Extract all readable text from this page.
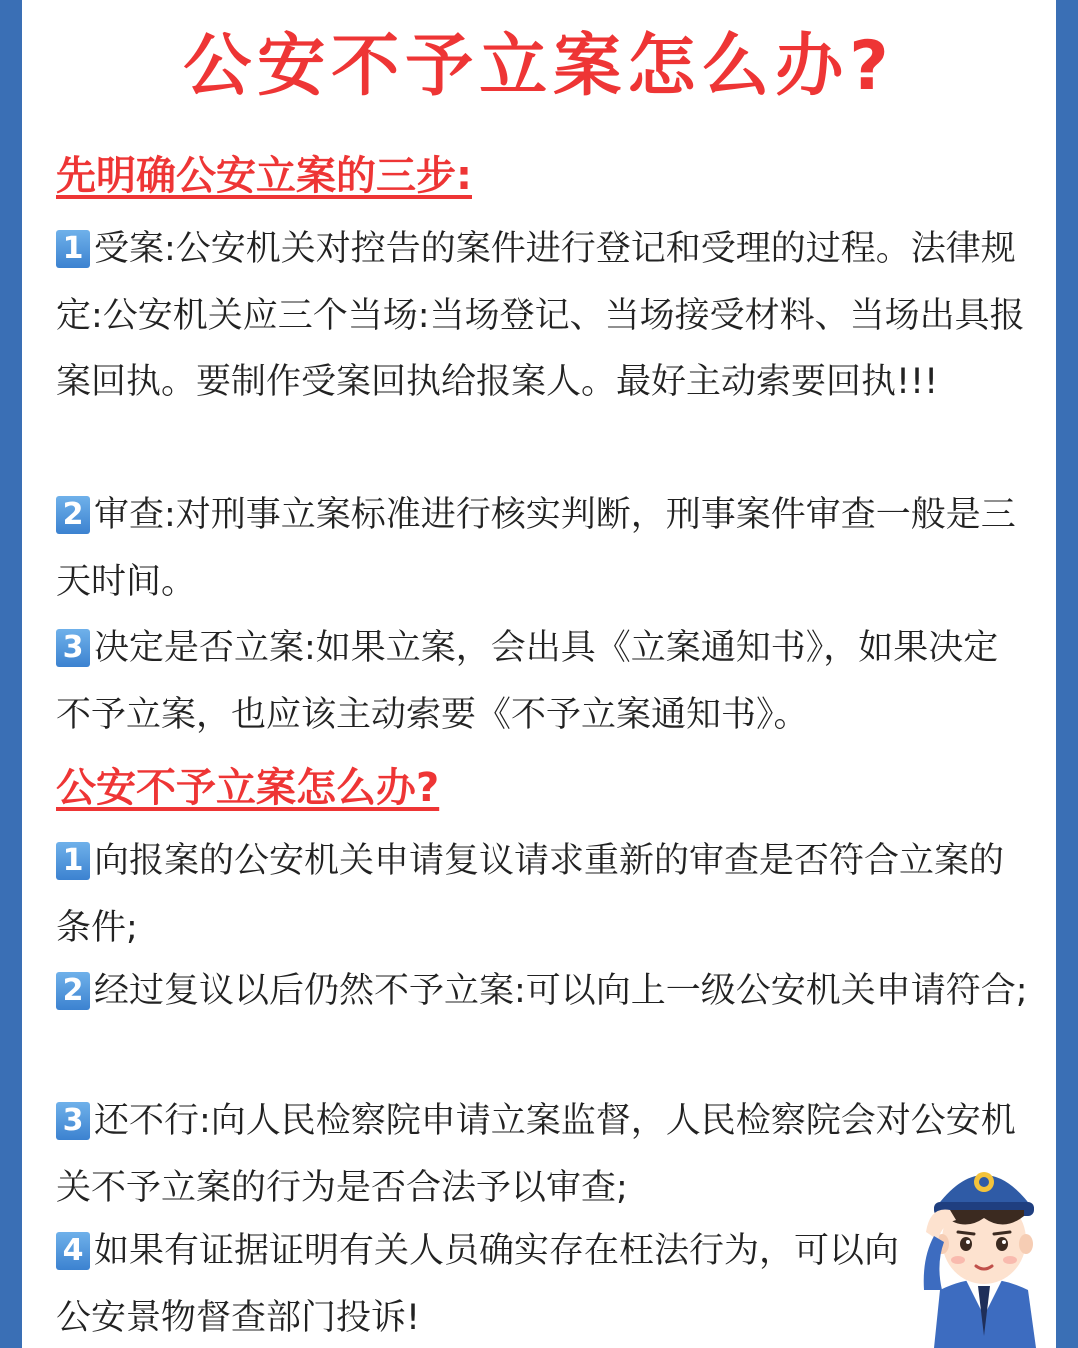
公安不予立案怎么办?
先明确公安立案的三步:
1 受案:公安机关对控告的案件进行登记和受理的过程。法律规定:公安机关应三个当场:当场登记、当场接受材料、当场出具报案回执。要制作受案回执给报案人。最好主动索要回执!!!
2 审查:对刑事立案标准进行核实判断，刑事案件审查一般是三天时间。
3 决定是否立案:如果立案，会出具《立案通知书》，如果决定不予立案，也应该主动索要《不予立案通知书》。
公安不予立案怎么办?
1 向报案的公安机关申请复议请求重新的审查是否符合立案的条件;
2 经过复议以后仍然不予立案:可以向上一级公安机关申请符合;
3 还不行:向人民检察院申请立案监督，人民检察院会对公安机关不予立案的行为是否合法予以审查;
4 如果有证据证明有关人员确实存在枉法行为，可以向公安景物督查部门投诉!
